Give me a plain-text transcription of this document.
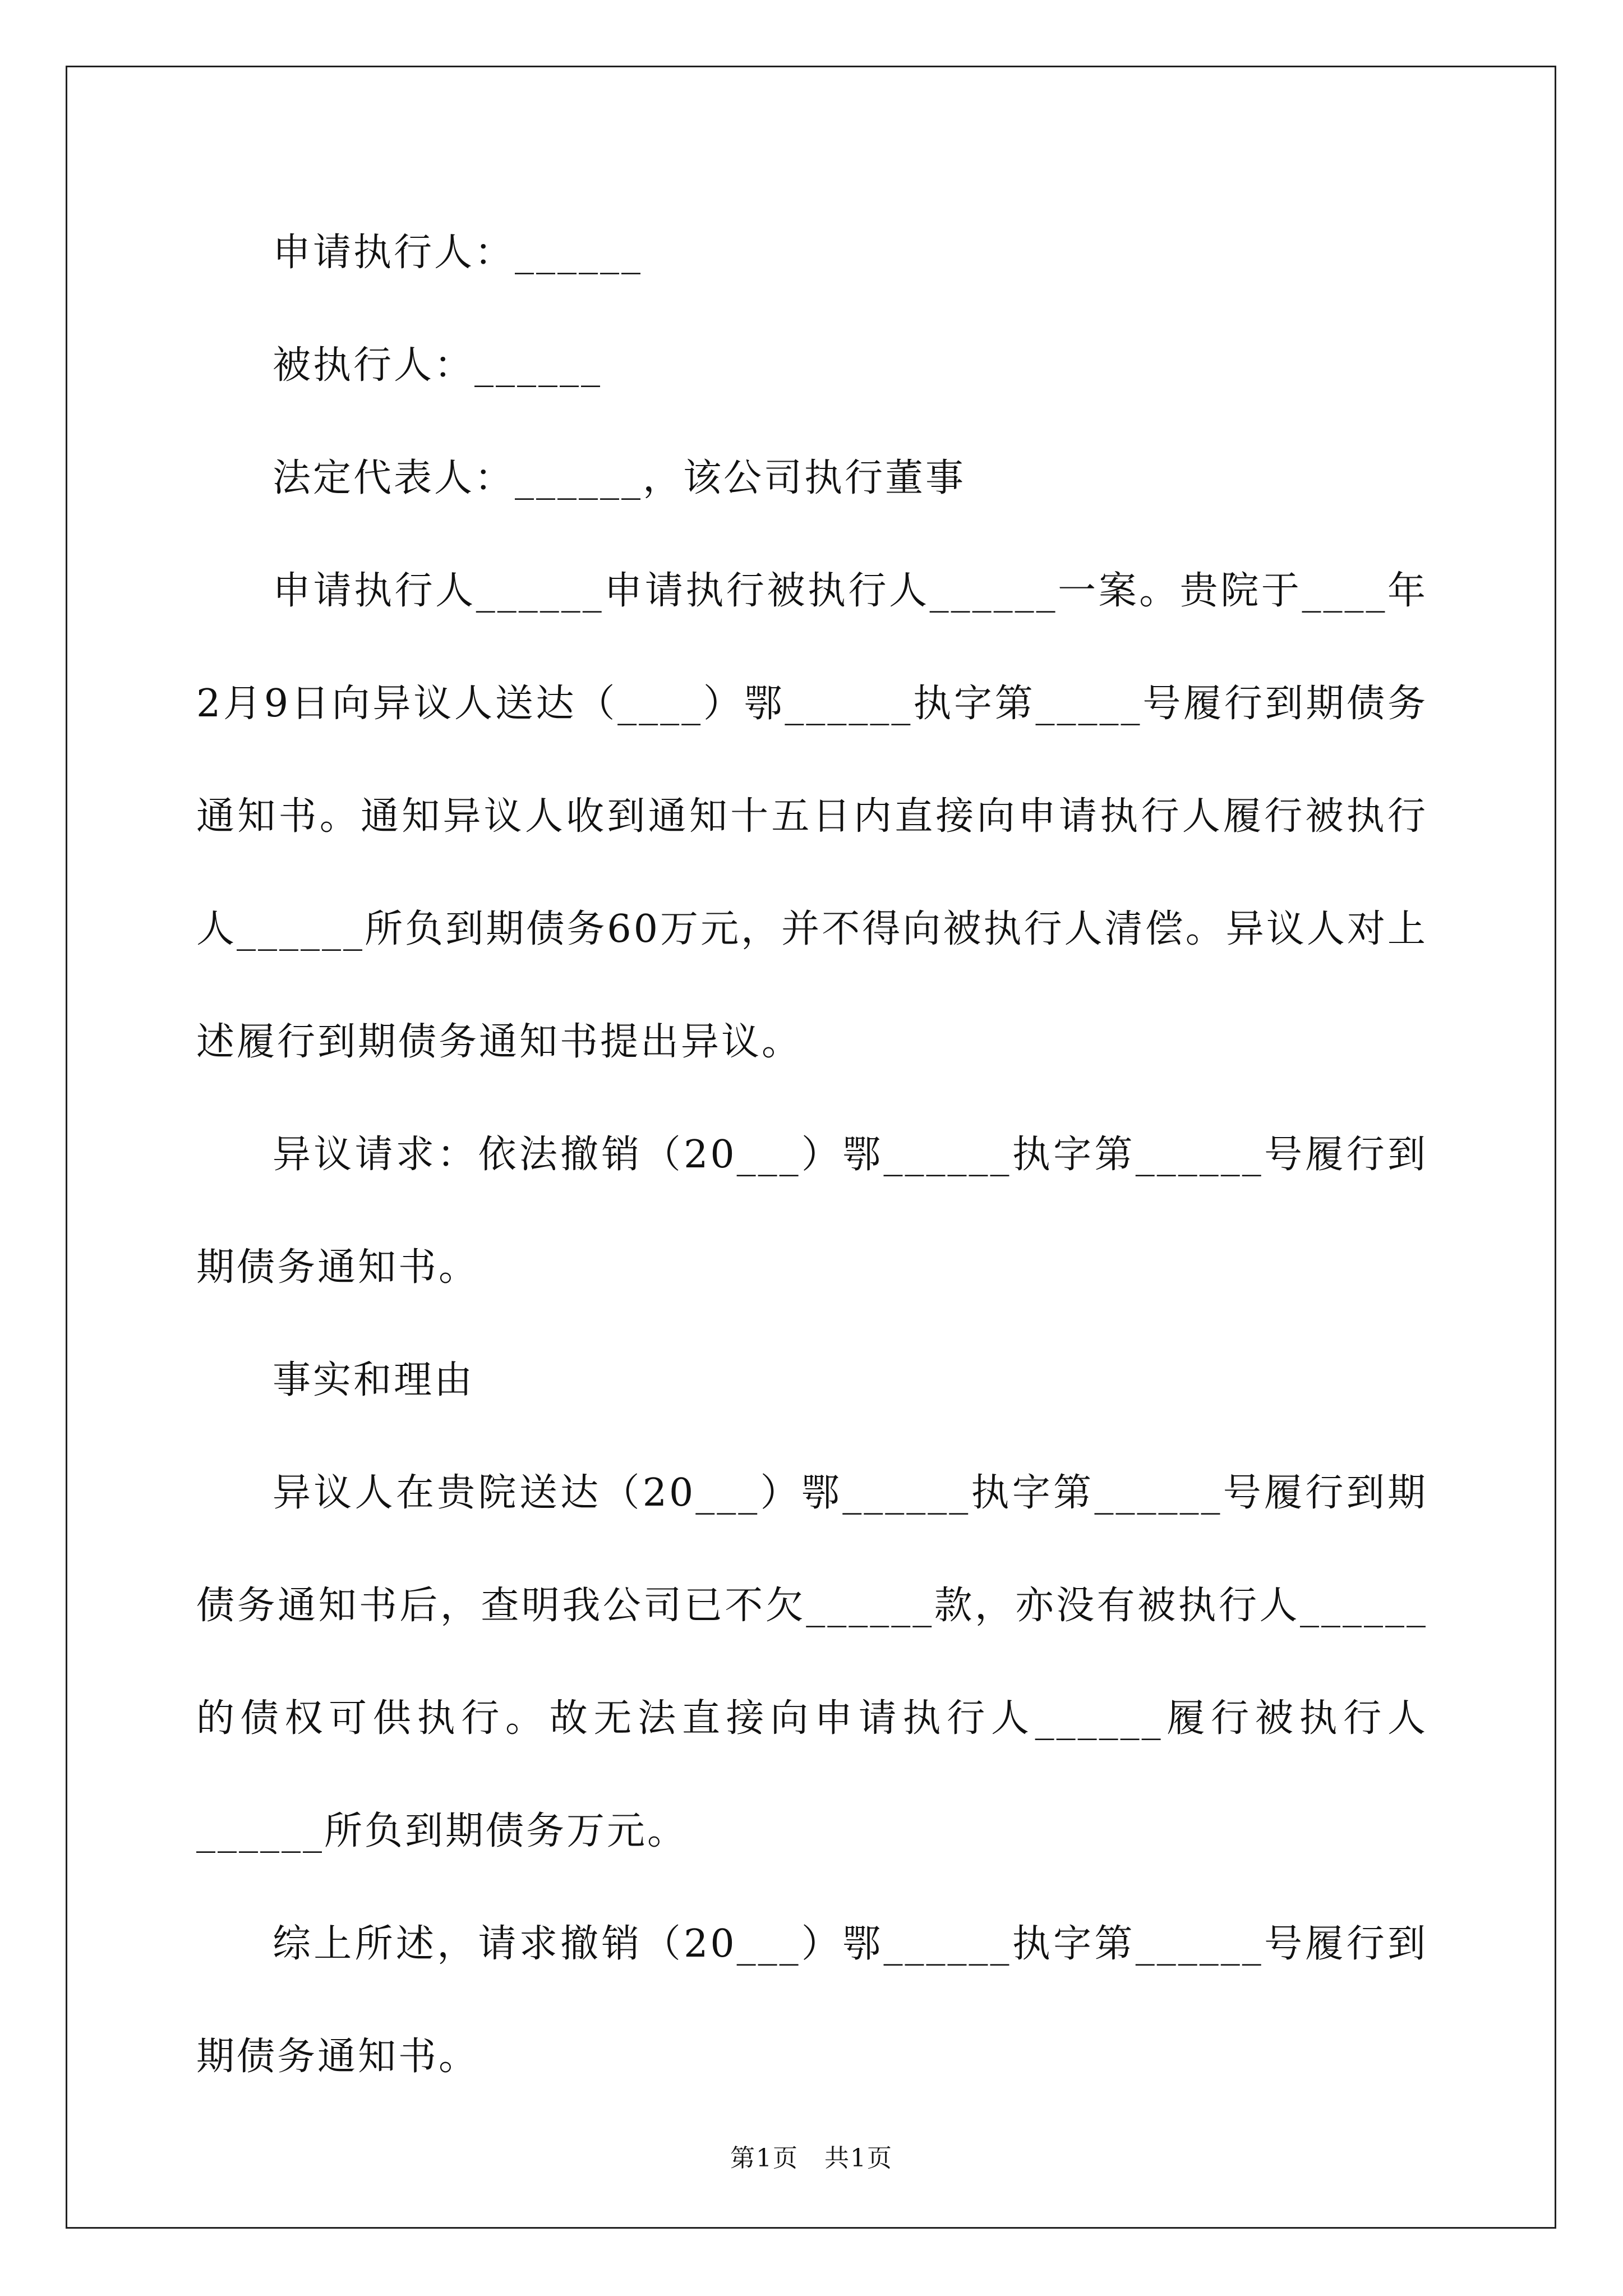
申请执行人：______

被执行人：______

法定代表人：______，该公司执行董事

申请执行人______申请执行被执行人______一案。贵院于____年2月9日向异议人送达（____）鄂______执字第_____号履行到期债务通知书。通知异议人收到通知十五日内直接向申请执行人履行被执行人______所负到期债务60万元，并不得向被执行人清偿。异议人对上述履行到期债务通知书提出异议。

异议请求：依法撤销（20___）鄂______执字第______号履行到期债务通知书。

事实和理由

异议人在贵院送达（20___）鄂______执字第______号履行到期债务通知书后，查明我公司已不欠______款，亦没有被执行人______的债权可供执行。故无法直接向申请执行人______履行被执行人______所负到期债务万元。

综上所述，请求撤销（20___）鄂______执字第______号履行到期债务通知书。

第1页　共1页
